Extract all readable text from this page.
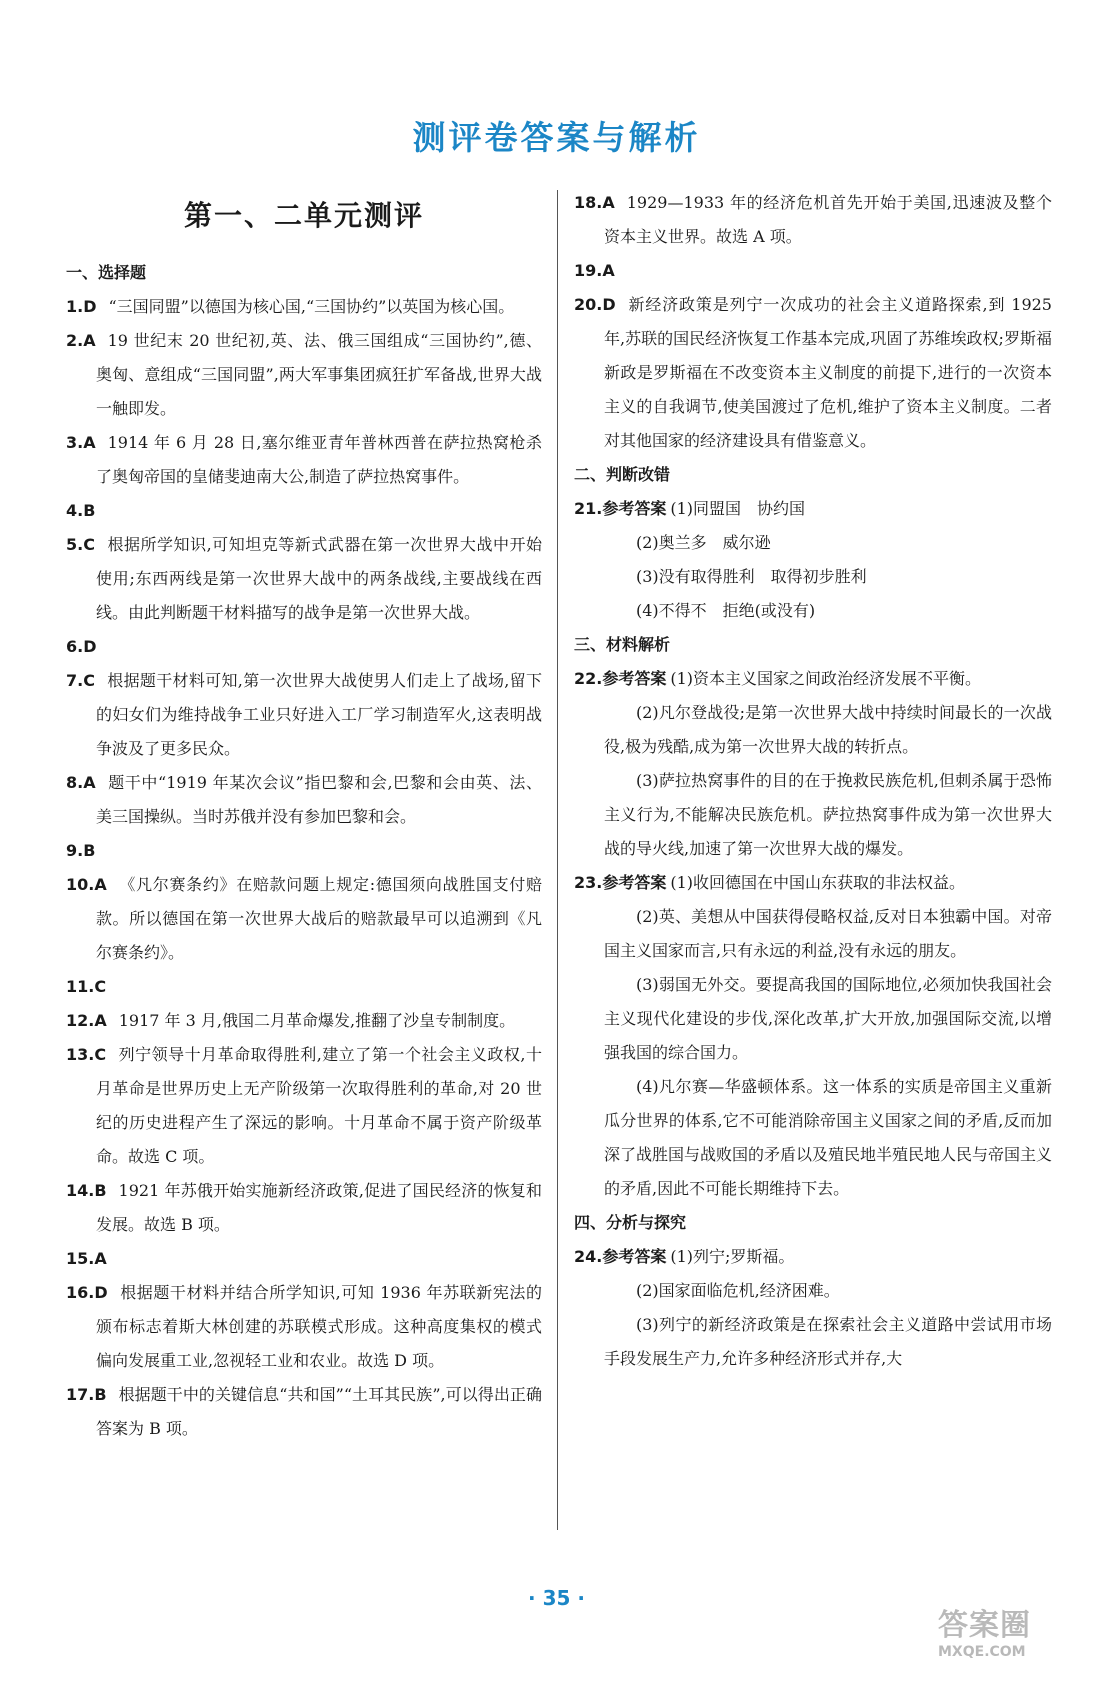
测评卷答案与解析
第一、二单元测评

一、选择题

1.D “三国同盟”以德国为核心国,“三国协约”以英国为核心国。

2.A 19 世纪末 20 世纪初,英、法、俄三国组成“三国协约”,德、奥匈、意组成“三国同盟”,两大军事集团疯狂扩军备战,世界大战一触即发。

3.A 1914 年 6 月 28 日,塞尔维亚青年普林西普在萨拉热窝枪杀了奥匈帝国的皇储斐迪南大公,制造了萨拉热窝事件。

4.B

5.C 根据所学知识,可知坦克等新式武器在第一次世界大战中开始使用;东西两线是第一次世界大战中的两条战线,主要战线在西线。由此判断题干材料描写的战争是第一次世界大战。

6.D

7.C 根据题干材料可知,第一次世界大战使男人们走上了战场,留下的妇女们为维持战争工业只好进入工厂学习制造军火,这表明战争波及了更多民众。

8.A 题干中“1919 年某次会议”指巴黎和会,巴黎和会由英、法、美三国操纵。当时苏俄并没有参加巴黎和会。

9.B

10.A 《凡尔赛条约》在赔款问题上规定:德国须向战胜国支付赔款。所以德国在第一次世界大战后的赔款最早可以追溯到《凡尔赛条约》。

11.C

12.A 1917 年 3 月,俄国二月革命爆发,推翻了沙皇专制制度。

13.C 列宁领导十月革命取得胜利,建立了第一个社会主义政权,十月革命是世界历史上无产阶级第一次取得胜利的革命,对 20 世纪的历史进程产生了深远的影响。十月革命不属于资产阶级革命。故选 C 项。

14.B 1921 年苏俄开始实施新经济政策,促进了国民经济的恢复和发展。故选 B 项。

15.A

16.D 根据题干材料并结合所学知识,可知 1936 年苏联新宪法的颁布标志着斯大林创建的苏联模式形成。这种高度集权的模式偏向发展重工业,忽视轻工业和农业。故选 D 项。

17.B 根据题干中的关键信息“共和国”“土耳其民族”,可以得出正确答案为 B 项。

18.A 1929—1933 年的经济危机首先开始于美国,迅速波及整个资本主义世界。故选 A 项。

19.A

20.D 新经济政策是列宁一次成功的社会主义道路探索,到 1925 年,苏联的国民经济恢复工作基本完成,巩固了苏维埃政权;罗斯福新政是罗斯福在不改变资本主义制度的前提下,进行的一次资本主义的自我调节,使美国渡过了危机,维护了资本主义制度。二者对其他国家的经济建设具有借鉴意义。

二、判断改错

21.参考答案 (1)同盟国　协约国

(2)奥兰多　威尔逊

(3)没有取得胜利　取得初步胜利

(4)不得不　拒绝(或没有)

三、材料解析

22.参考答案 (1)资本主义国家之间政治经济发展不平衡。

(2)凡尔登战役;是第一次世界大战中持续时间最长的一次战役,极为残酷,成为第一次世界大战的转折点。

(3)萨拉热窝事件的目的在于挽救民族危机,但刺杀属于恐怖主义行为,不能解决民族危机。萨拉热窝事件成为第一次世界大战的导火线,加速了第一次世界大战的爆发。

23.参考答案 (1)收回德国在中国山东获取的非法权益。

(2)英、美想从中国获得侵略权益,反对日本独霸中国。对帝国主义国家而言,只有永远的利益,没有永远的朋友。

(3)弱国无外交。要提高我国的国际地位,必须加快我国社会主义现代化建设的步伐,深化改革,扩大开放,加强国际交流,以增强我国的综合国力。

(4)凡尔赛—华盛顿体系。这一体系的实质是帝国主义重新瓜分世界的体系,它不可能消除帝国主义国家之间的矛盾,反而加深了战胜国与战败国的矛盾以及殖民地半殖民地人民与帝国主义的矛盾,因此不可能长期维持下去。

四、分析与探究

24.参考答案 (1)列宁;罗斯福。

(2)国家面临危机,经济困难。

(3)列宁的新经济政策是在探索社会主义道路中尝试用市场手段发展生产力,允许多种经济形式并存,大

· 35 ·
答案圈
MXQE.COM
